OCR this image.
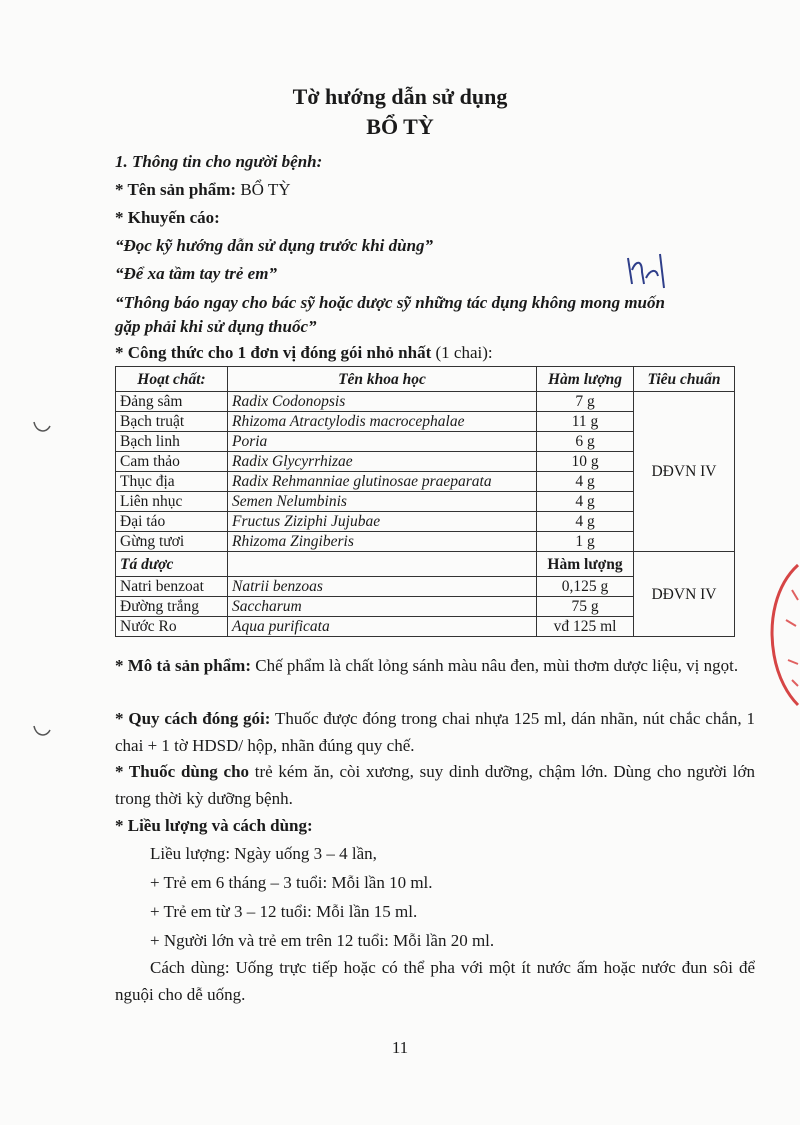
Tờ hướng dẫn sử dụng
BỔ TỲ
1. Thông tin cho người bệnh:
* Tên sản phẩm: BỔ TỲ
* Khuyến cáo:
“Đọc kỹ hướng dẫn sử dụng trước khi dùng”
“Để xa tầm tay trẻ em”
“Thông báo ngay cho bác sỹ hoặc dược sỹ những tác dụng không mong muốn
gặp phải khi sử dụng thuốc”
* Công thức cho 1 đơn vị đóng gói nhỏ nhất (1 chai):
Hoạt chất:	Tên khoa học	Hàm lượng	Tiêu chuẩn
Đảng sâm	Radix Codonopsis	7 g	DĐVN IV
Bạch truật	Rhizoma Atractylodis macrocephalae	11 g	
Bạch linh	Poria	6 g	
Cam thảo	Radix Glycyrrhizae	10 g	
Thục địa	Radix Rehmanniae glutinosae praeparata	4 g	
Liên nhục	Semen Nelumbinis	4 g	
Đại táo	Fructus Ziziphi Jujubae	4 g	
Gừng tươi	Rhizoma Zingiberis	1 g	
Tá dược		Hàm lượng	DĐVN IV
Natri benzoat	Natrii benzoas	0,125 g	
Đường trắng	Saccharum	75 g	
Nước Ro	Aqua purificata	vđ 125 ml	
* Mô tả sản phẩm: Chế phẩm là chất lỏng sánh màu nâu đen, mùi thơm dược liệu, vị ngọt.
* Quy cách đóng gói: Thuốc được đóng trong chai nhựa 125 ml, dán nhãn, nút chắc chắn, 1 chai + 1 tờ HDSD/ hộp, nhãn đúng quy chế.
* Thuốc dùng cho trẻ kém ăn, còi xương, suy dinh dưỡng, chậm lớn. Dùng cho người lớn trong thời kỳ dưỡng bệnh.
* Liều lượng và cách dùng:
Liều lượng: Ngày uống 3 – 4 lần,
+ Trẻ em 6 tháng – 3 tuổi: Mỗi lần 10 ml.
+ Trẻ em từ 3 – 12 tuổi: Mỗi lần 15 ml.
+ Người lớn và trẻ em trên 12 tuổi: Mỗi lần 20 ml.
Cách dùng: Uống trực tiếp hoặc có thể pha với một ít nước ấm hoặc nước đun sôi để nguội cho dễ uống.
11
